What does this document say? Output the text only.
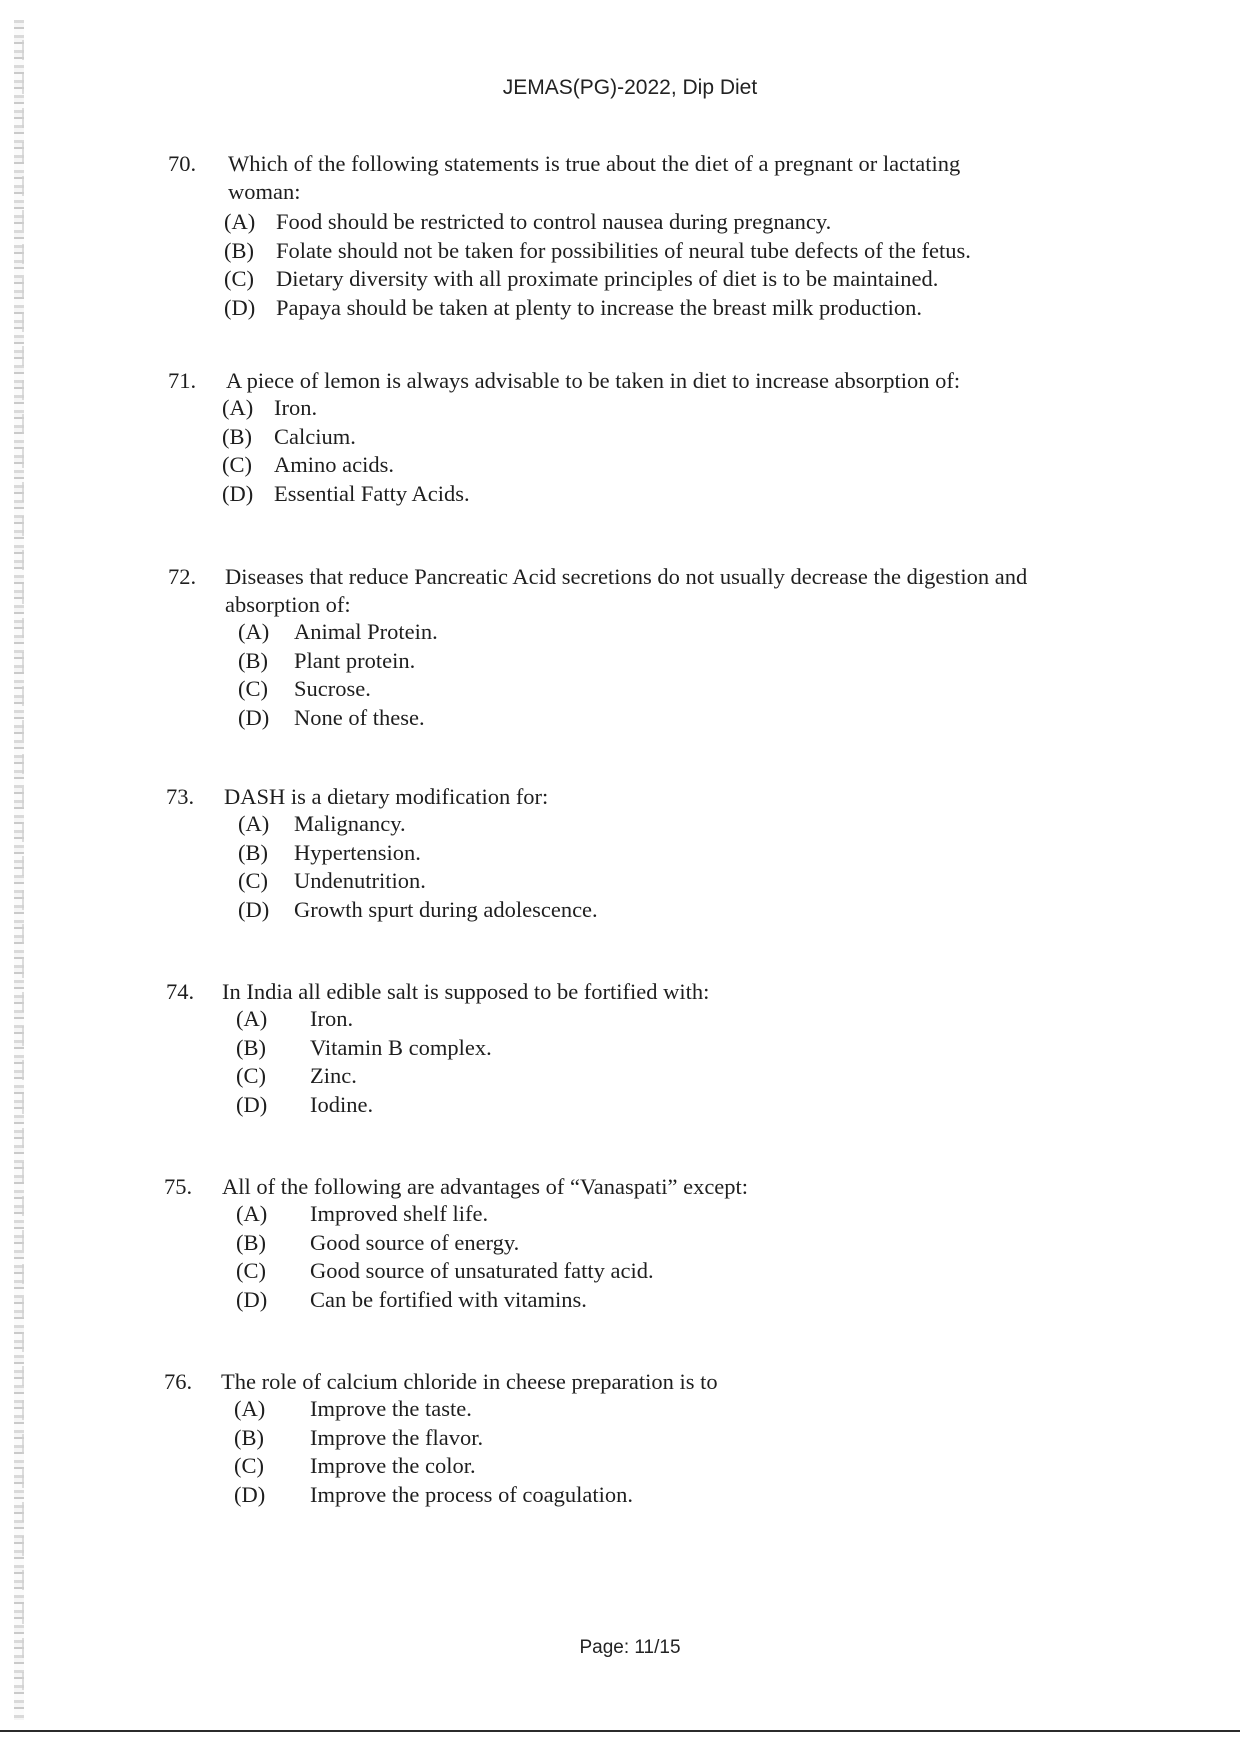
JEMAS(PG)-2022, Dip Diet
70. Which of the following statements is true about the diet of a pregnant or lactating woman:
(A) Food should be restricted to control nausea during pregnancy.
(B) Folate should not be taken for possibilities of neural tube defects of the fetus.
(C) Dietary diversity with all proximate principles of diet is to be maintained.
(D) Papaya should be taken at plenty to increase the breast milk production.
71. A piece of lemon is always advisable to be taken in diet to increase absorption of:
(A) Iron.
(B) Calcium.
(C) Amino acids.
(D) Essential Fatty Acids.
72. Diseases that reduce Pancreatic Acid secretions do not usually decrease the digestion and absorption of:
(A) Animal Protein.
(B) Plant protein.
(C) Sucrose.
(D) None of these.
73. DASH is a dietary modification for:
(A) Malignancy.
(B) Hypertension.
(C) Undenutrition.
(D) Growth spurt during adolescence.
74. In India all edible salt is supposed to be fortified with:
(A) Iron.
(B) Vitamin B complex.
(C) Zinc.
(D) Iodine.
75. All of the following are advantages of “Vanaspati” except:
(A) Improved shelf life.
(B) Good source of energy.
(C) Good source of unsaturated fatty acid.
(D) Can be fortified with vitamins.
76. The role of calcium chloride in cheese preparation is to
(A) Improve the taste.
(B) Improve the flavor.
(C) Improve the color.
(D) Improve the process of coagulation.
Page: 11/15
